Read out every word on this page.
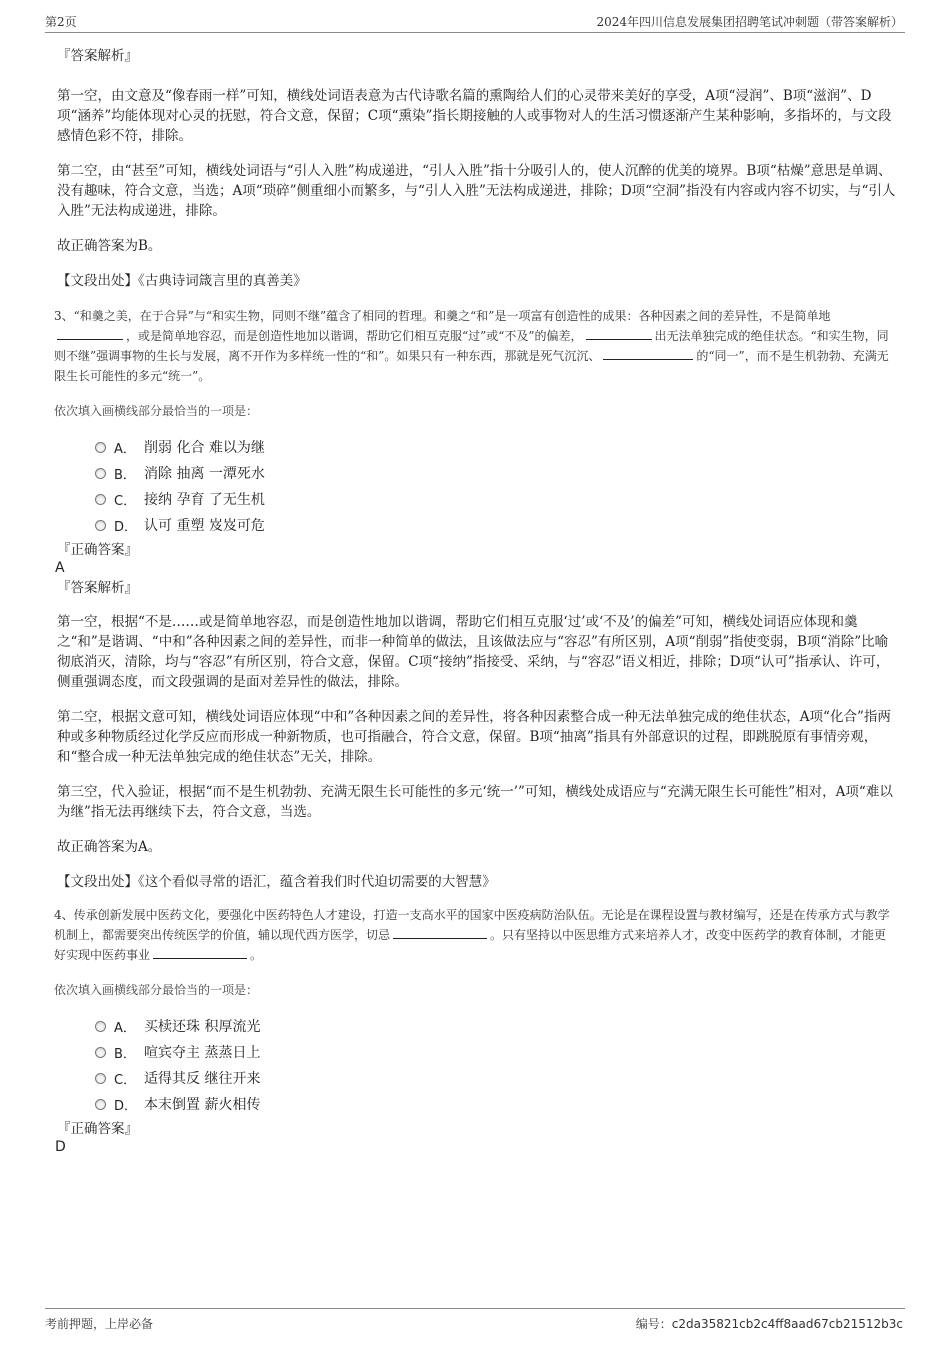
第2页	2024年四川信息发展集团招聘笔试冲刺题（带答案解析）
『答案解析』

第一空，由文意及“像春雨一样”可知，横线处词语表意为古代诗歌名篇的熏陶给人们的心灵带来美好的享受，A项“浸润”、B项“滋润”、D项“涵养”均能体现对心灵的抚慰，符合文意，保留；C项“熏染”指长期接触的人或事物对人的生活习惯逐渐产生某种影响，多指坏的，与文段感情色彩不符，排除。

第二空，由“甚至”可知，横线处词语与“引人入胜”构成递进，“引人入胜”指十分吸引人的，使人沉醉的优美的境界。B项“枯燥”意思是单调、没有趣味，符合文意，当选；A项“琐碎”侧重细小而繁多，与“引人入胜”无法构成递进，排除；D项“空洞”指没有内容或内容不切实，与“引人入胜”无法构成递进，排除。

故正确答案为B。

【文段出处】《古典诗词箴言里的真善美》

3、“和羹之美，在于合异”与“和实生物，同则不继”蕴含了相同的哲理。和羹之“和”是一项富有创造性的成果：各种因素之间的差异性，不是简单地，或是简单地容忍，而是创造性地加以谐调，帮助它们相互克服“过”或“不及”的偏差，	出无法单独完成的绝佳状态。“和实生物，同则不继”强调事物的生长与发展，离不开作为多样统一性的“和”。如果只有一种东西，那就是死气沉沉、	的“同一”，而不是生机勃勃、充满无限生长可能性的多元“统一”。

依次填入画横线部分最恰当的一项是：
A． 削弱 化合 难以为继
B． 消除 抽离 一潭死水
C． 接纳 孕育 了无生机
D． 认可 重塑 岌岌可危
『正确答案』
A
『答案解析』

第一空，根据“不是……或是简单地容忍，而是创造性地加以谐调，帮助它们相互克服‘过’或‘不及’的偏差”可知，横线处词语应体现和羹之“和”是谐调、“中和”各种因素之间的差异性，而非一种简单的做法，且该做法应与“容忍”有所区别，A项“削弱”指使变弱，B项“消除”比喻彻底消灭，清除，均与“容忍”有所区别，符合文意，保留。C项“接纳”指接受、采纳，与“容忍”语义相近，排除；D项“认可”指承认、许可，侧重强调态度，而文段强调的是面对差异性的做法，排除。

第二空，根据文意可知，横线处词语应体现“中和”各种因素之间的差异性，将各种因素整合成一种无法单独完成的绝佳状态，A项“化合”指两种或多种物质经过化学反应而形成一种新物质，也可指融合，符合文意，保留。B项“抽离”指具有外部意识的过程，即跳脱原有事情旁观，和“整合成一种无法单独完成的绝佳状态”无关，排除。

第三空，代入验证，根据“而不是生机勃勃、充满无限生长可能性的多元‘统一’”可知，横线处成语应与“充满无限生长可能性”相对，A项“难以为继”指无法再继续下去，符合文意，当选。

故正确答案为A。

【文段出处】《这个看似寻常的语汇，蕴含着我们时代迫切需要的大智慧》

4、传承创新发展中医药文化，要强化中医药特色人才建设，打造一支高水平的国家中医疫病防治队伍。无论是在课程设置与教材编写，还是在传承方式与教学机制上，都需要突出传统医学的价值，辅以现代西方医学，切忌	。只有坚持以中医思维方式来培养人才，改变中医药学的教育体制，才能更好实现中医药事业	。

依次填入画横线部分最恰当的一项是：
A． 买椟还珠 积厚流光
B． 喧宾夺主 蒸蒸日上
C． 适得其反 继往开来
D． 本末倒置 薪火相传
『正确答案』
D
考前押题，上岸必备	编号：c2da35821cb2c4ff8aad67cb21512b3c
